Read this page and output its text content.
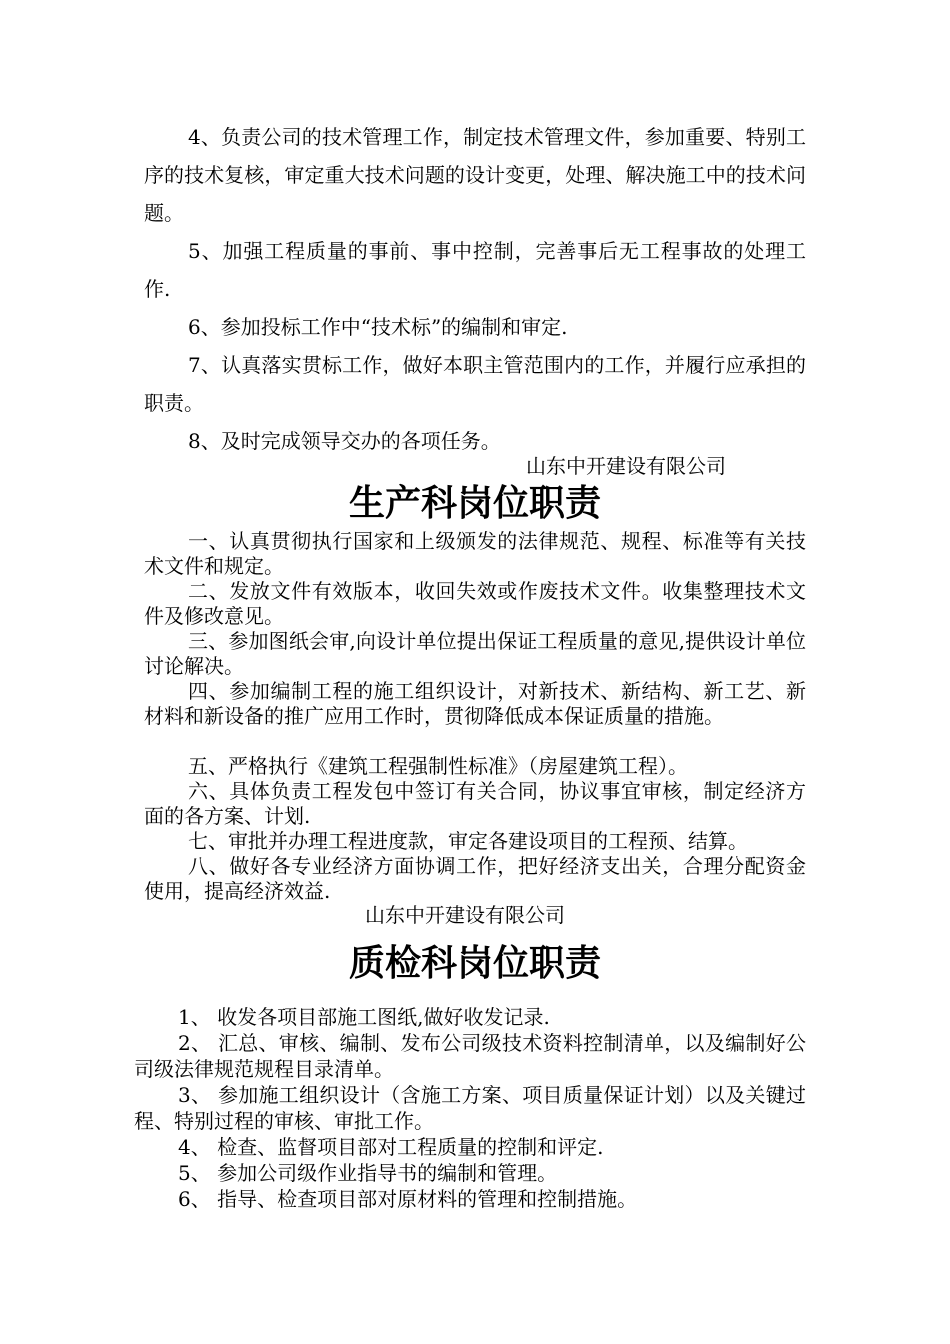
4、负责公司的技术管理工作，制定技术管理文件，参加重要、特别工序的技术复核，审定重大技术问题的设计变更，处理、解决施工中的技术问题。

5、加强工程质量的事前、事中控制，完善事后无工程事故的处理工作.

6、参加投标工作中“技术标”的编制和审定.

7、认真落实贯标工作，做好本职主管范围内的工作，并履行应承担的职责。

8、及时完成领导交办的各项任务。

山东中开建设有限公司

生产科岗位职责

一、认真贯彻执行国家和上级颁发的法律规范、规程、标准等有关技术文件和规定。

二、发放文件有效版本，收回失效或作废技术文件。收集整理技术文件及修改意见。

三、参加图纸会审,向设计单位提出保证工程质量的意见,提供设计单位讨论解决。

四、参加编制工程的施工组织设计，对新技术、新结构、新工艺、新材料和新设备的推广应用工作时，贯彻降低成本保证质量的措施。

五、严格执行《建筑工程强制性标准》（房屋建筑工程）。

六、具体负责工程发包中签订有关合同，协议事宜审核，制定经济方面的各方案、计划.

七、审批并办理工程进度款，审定各建设项目的工程预、结算。

八、做好各专业经济方面协调工作，把好经济支出关，合理分配资金使用，提高经济效益.

山东中开建设有限公司

质检科岗位职责

1、 收发各项目部施工图纸,做好收发记录.

2、 汇总、审核、编制、发布公司级技术资料控制清单，以及编制好公司级法律规范规程目录清单。

3、 参加施工组织设计（含施工方案、项目质量保证计划）以及关键过程、特别过程的审核、审批工作。

4、 检查、监督项目部对工程质量的控制和评定.

5、 参加公司级作业指导书的编制和管理。

6、 指导、检查项目部对原材料的管理和控制措施。
